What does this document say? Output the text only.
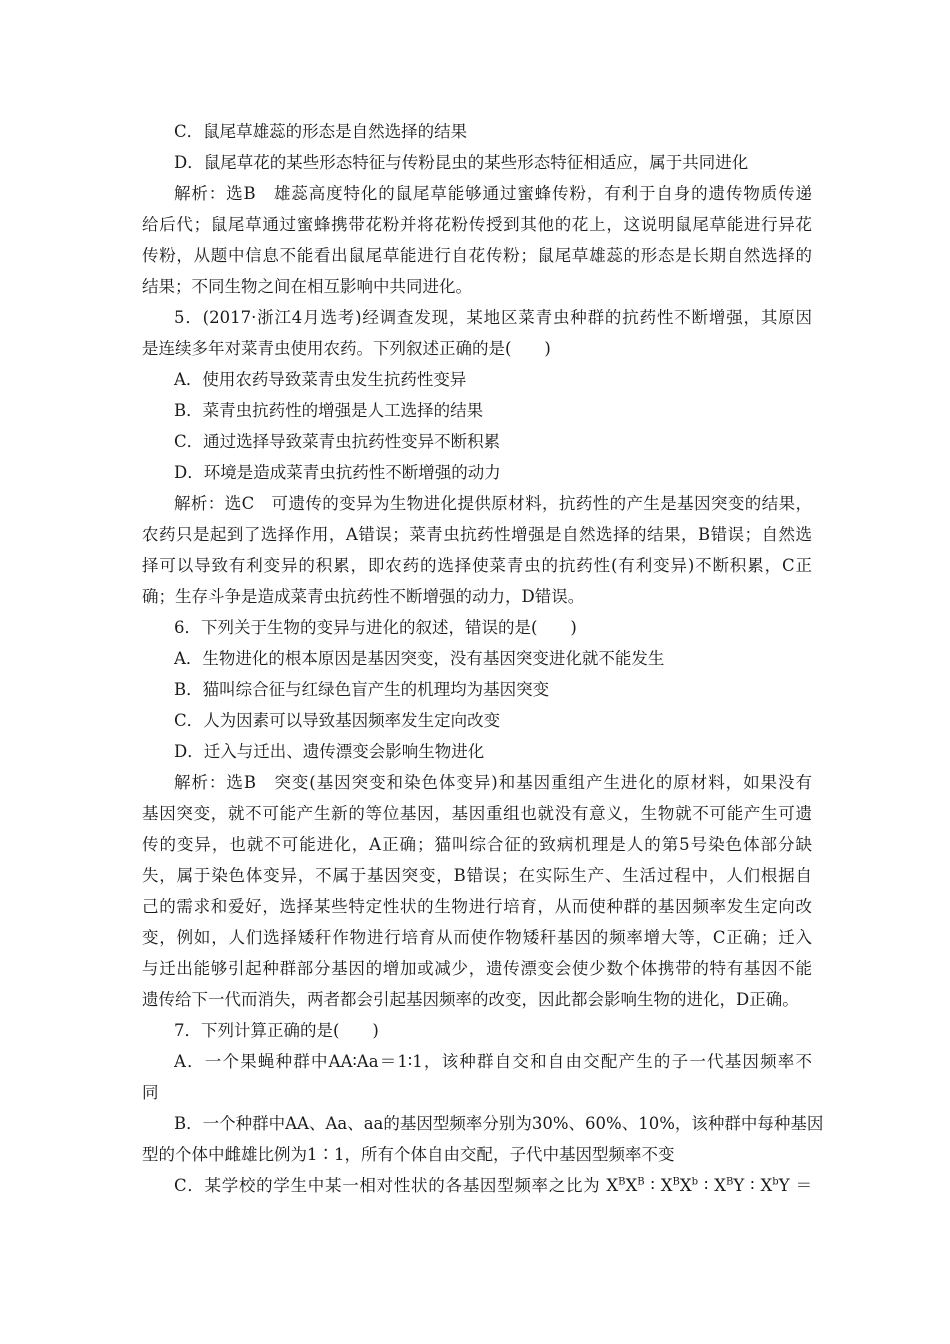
C．鼠尾草雄蕊的形态是自然选择的结果
D．鼠尾草花的某些形态特征与传粉昆虫的某些形态特征相适应，属于共同进化
解析：选B　雄蕊高度特化的鼠尾草能够通过蜜蜂传粉，有利于自身的遗传物质传递
给后代；鼠尾草通过蜜蜂携带花粉并将花粉传授到其他的花上，这说明鼠尾草能进行异花
传粉，从题中信息不能看出鼠尾草能进行自花传粉；鼠尾草雄蕊的形态是长期自然选择的
结果；不同生物之间在相互影响中共同进化。
5．(2017·浙江4月选考)经调查发现，某地区菜青虫种群的抗药性不断增强，其原因
是连续多年对菜青虫使用农药。下列叙述正确的是(　　)
A．使用农药导致菜青虫发生抗药性变异
B．菜青虫抗药性的增强是人工选择的结果
C．通过选择导致菜青虫抗药性变异不断积累
D．环境是造成菜青虫抗药性不断增强的动力
解析：选C　可遗传的变异为生物进化提供原材料，抗药性的产生是基因突变的结果，
农药只是起到了选择作用，A错误；菜青虫抗药性增强是自然选择的结果，B错误；自然选
择可以导致有利变异的积累，即农药的选择使菜青虫的抗药性(有利变异)不断积累，C正
确；生存斗争是造成菜青虫抗药性不断增强的动力，D错误。
6．下列关于生物的变异与进化的叙述，错误的是(　　)
A．生物进化的根本原因是基因突变，没有基因突变进化就不能发生
B．猫叫综合征与红绿色盲产生的机理均为基因突变
C．人为因素可以导致基因频率发生定向改变
D．迁入与迁出、遗传漂变会影响生物进化
解析：选B　突变(基因突变和染色体变异)和基因重组产生进化的原材料，如果没有
基因突变，就不可能产生新的等位基因，基因重组也就没有意义，生物就不可能产生可遗
传的变异，也就不可能进化，A正确；猫叫综合征的致病机理是人的第5号染色体部分缺
失，属于染色体变异，不属于基因突变，B错误；在实际生产、生活过程中，人们根据自
己的需求和爱好，选择某些特定性状的生物进行培育，从而使种群的基因频率发生定向改
变，例如，人们选择矮秆作物进行培育从而使作物矮秆基因的频率增大等，C正确；迁入
与迁出能够引起种群部分基因的增加或减少，遗传漂变会使少数个体携带的特有基因不能
遗传给下一代而消失，两者都会引起基因频率的改变，因此都会影响生物的进化，D正确。
7．下列计算正确的是(　　)
A．一个果蝇种群中AA∶Aa＝1∶1，该种群自交和自由交配产生的子一代基因频率不
同
B．一个种群中AA、Aa、aa的基因型频率分别为30%、60%、10%，该种群中每种基因
型的个体中雌雄比例为1∶1，所有个体自由交配，子代中基因型频率不变
C．某学校的学生中某一相对性状的各基因型频率之比为 $X^BX^B$ ∶ $X^BX^b$ ∶ $X^BY$ ∶ $X^bY$ ＝
